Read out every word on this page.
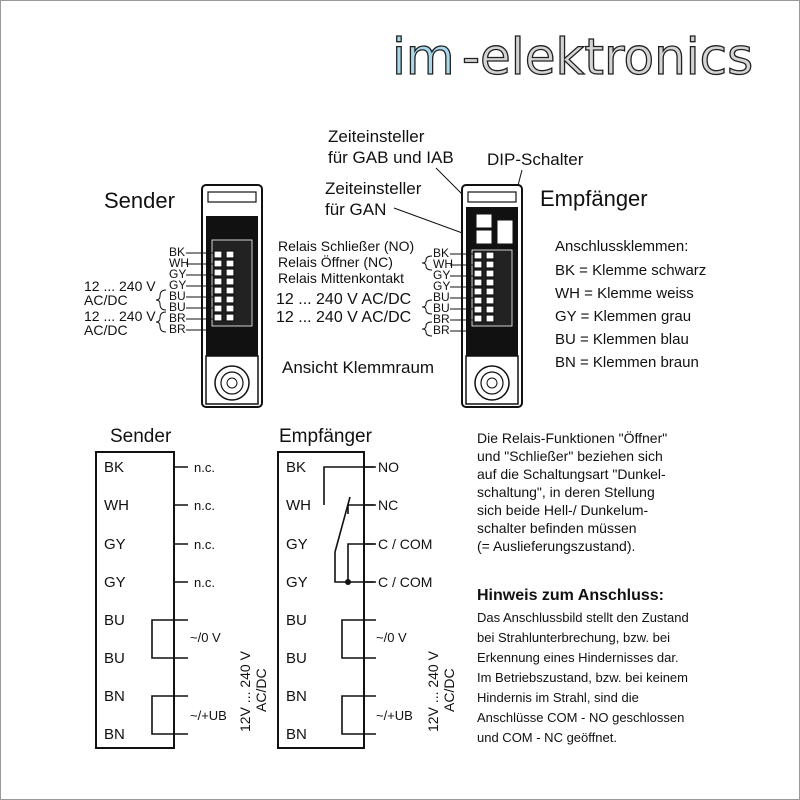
im -elektronics
Sender	Empfänger
Zeiteinsteller
für GAB und IAB
Zeiteinsteller
für GAN
DIP-Schalter
BK
WH
GY
GY
BU
BU
BR
BR
12 ... 240 V
AC/DC
12 ... 240 V
AC/DC
BK
WH
GY
GY
BU
BU
BR
BR
Relais Schließer (NO)
Relais Öffner (NC)
Relais Mittenkontakt
12 ... 240 V AC/DC
12 ... 240 V AC/DC
Ansicht Klemmraum
Anschlussklemmen:
BK = Klemme schwarz
WH = Klemme weiss
GY = Klemmen grau
BU = Klemmen blau
BN = Klemmen braun
Sender
BK
WH
GY
GY
BU
BU
BN
BN
n.c.
n.c.
n.c.
n.c.
~/0 V
~/+UB 12V ... 240 V AC/DC
Empfänger
BK
WH
GY
GY
BU
BU
BN
BN
NO
NC
C / COM
C / COM
~/0 V
~/+UB 12V ... 240 V AC/DC
Die Relais-Funktionen "Öffner"
und "Schließer" beziehen sich
auf die Schaltungsart "Dunkel-
schaltung", in deren Stellung
sich beide Hell-/ Dunkelum-
schalter befinden müssen
(= Auslieferungszustand).
Hinweis zum Anschluss:
Das Anschlussbild stellt den Zustand
bei Strahlunterbrechung, bzw. bei
Erkennung eines Hindernisses dar.
Im Betriebszustand, bzw. bei keinem
Hindernis im Strahl, sind die
Anschlüsse COM - NO geschlossen
und COM - NC geöffnet.
